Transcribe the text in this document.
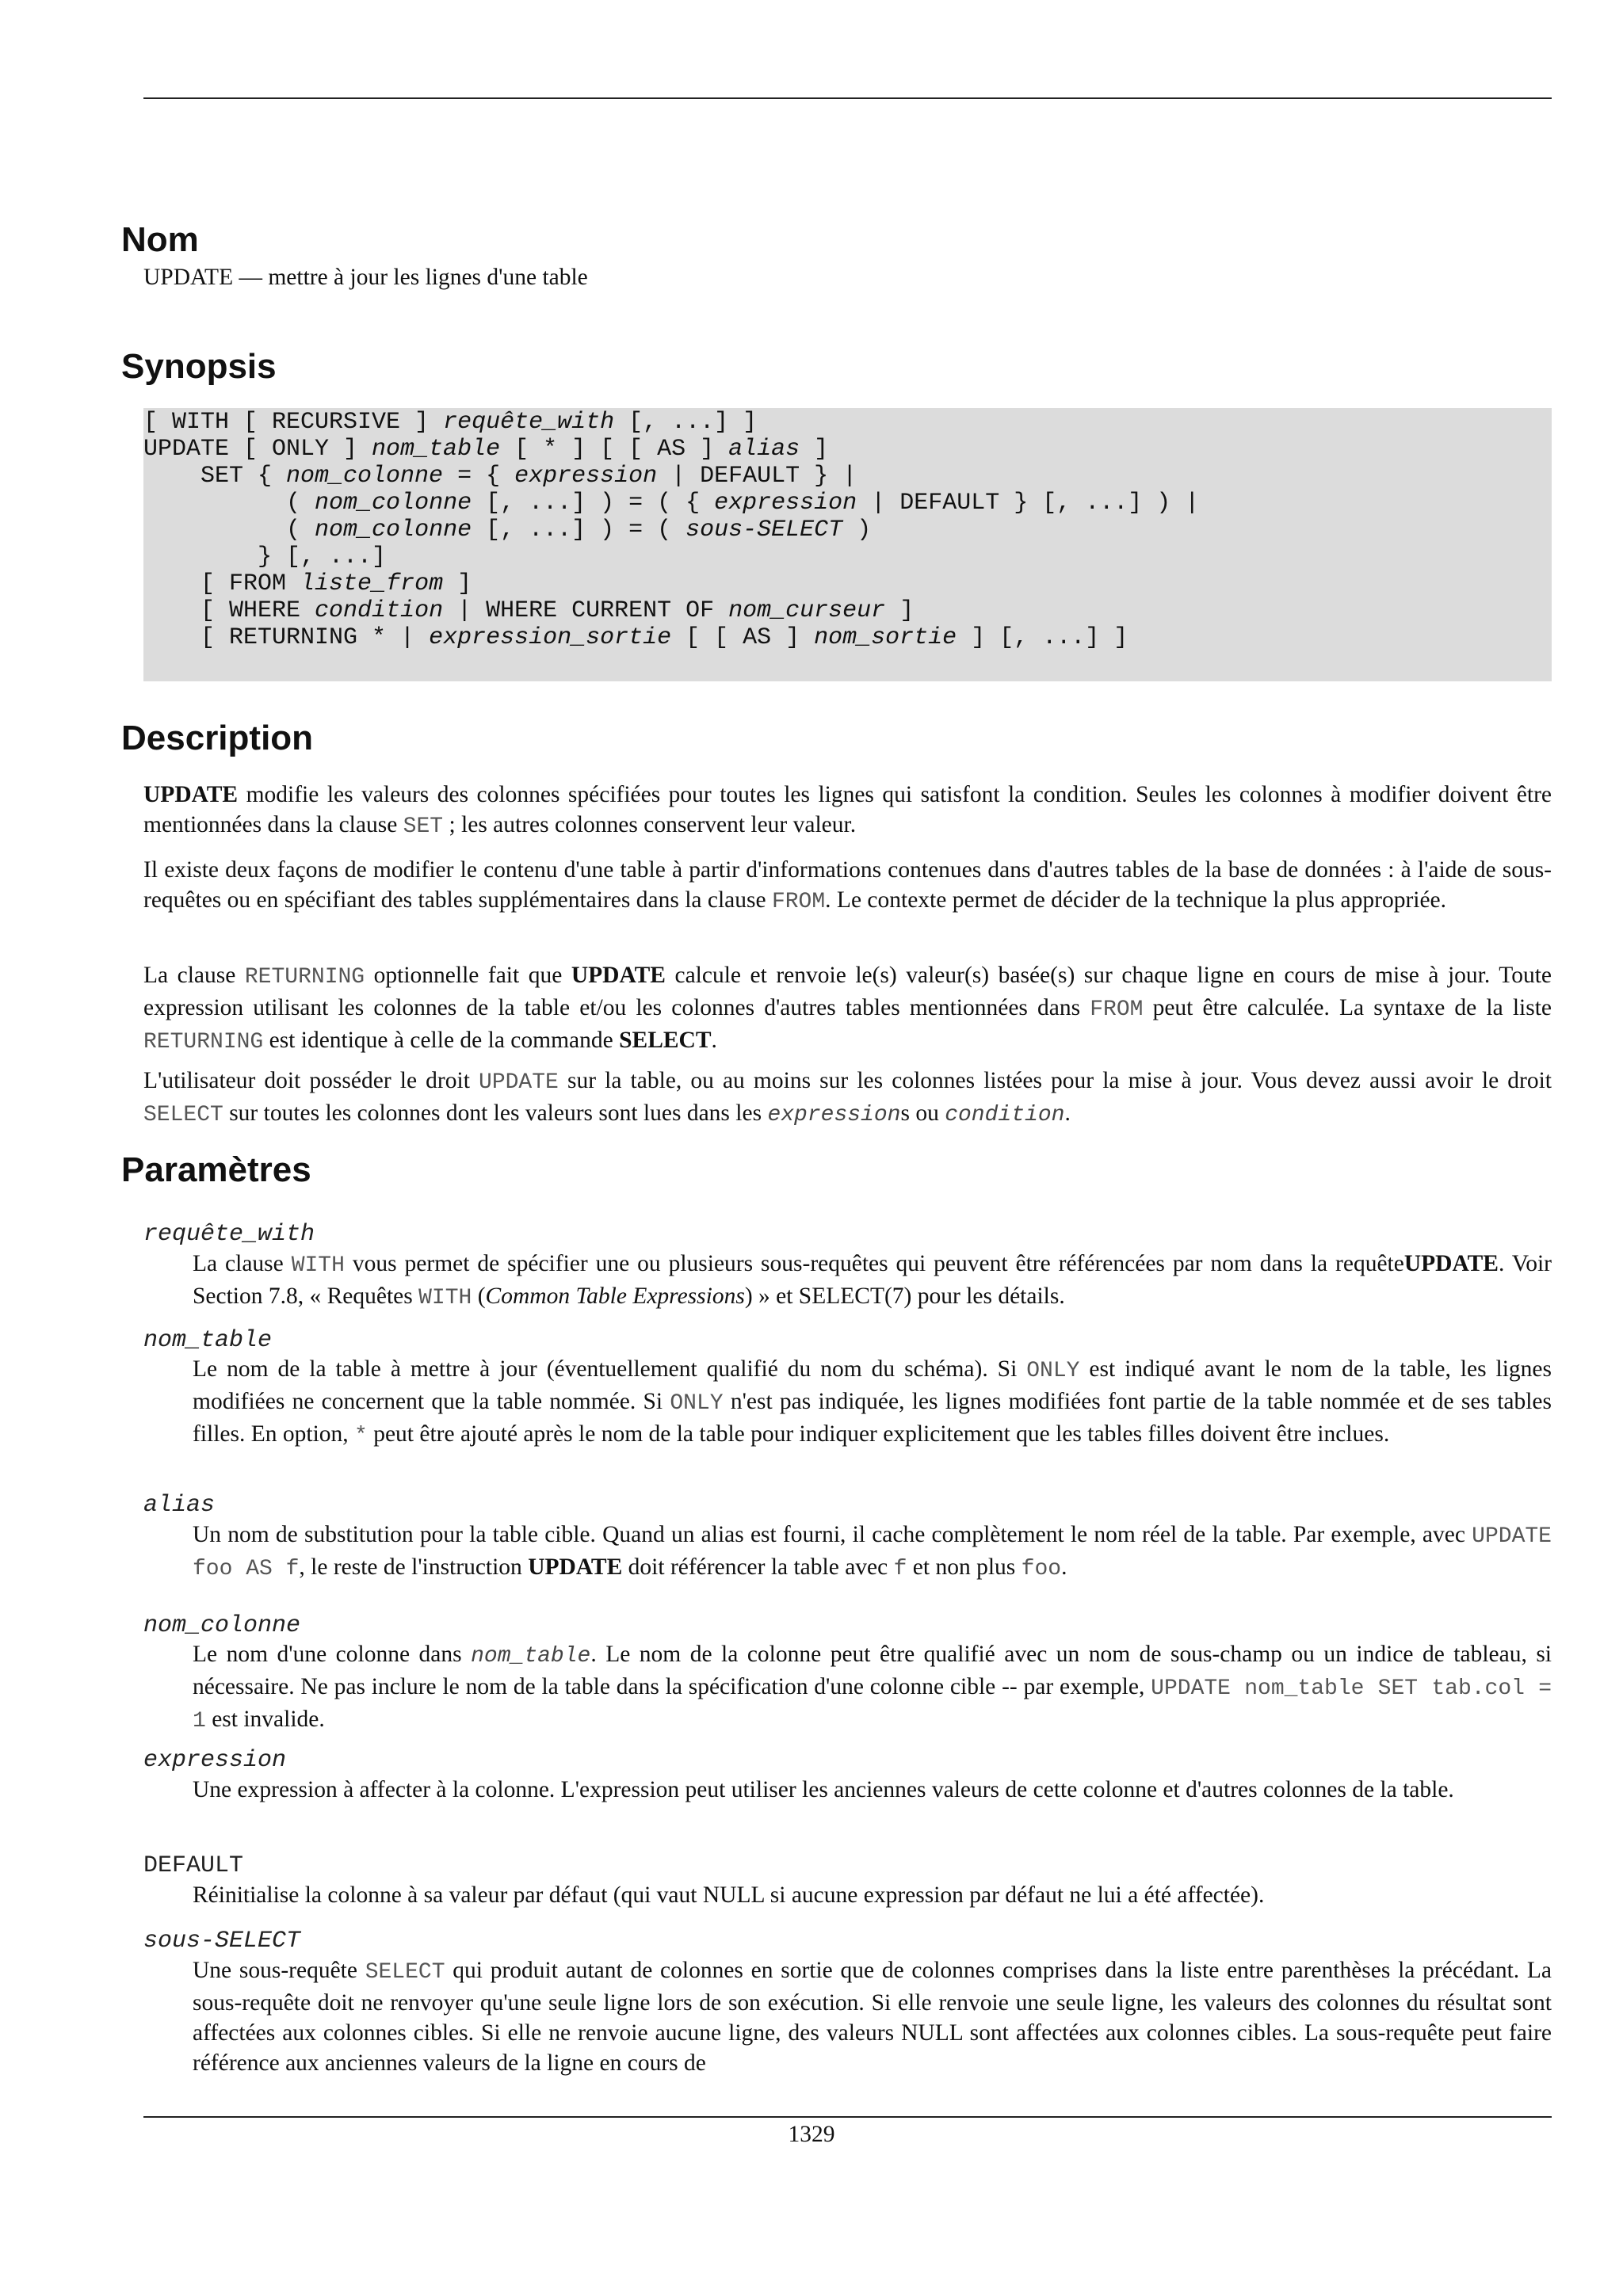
Nom

UPDATE — mettre à jour les lignes d'une table

Synopsis
[ WITH [ RECURSIVE ] requête_with [, ...] ]
UPDATE [ ONLY ] nom_table [ * ] [ [ AS ] alias ]
SET { nom_colonne = { expression | DEFAULT } |
( nom_colonne [, ...] ) = ( { expression | DEFAULT } [, ...] ) |
( nom_colonne [, ...] ) = ( sous-SELECT )
} [, ...]
[ FROM liste_from ]
[ WHERE condition | WHERE CURRENT OF nom_curseur ]
[ RETURNING * | expression_sortie [ [ AS ] nom_sortie ] [, ...] ]
Description

UPDATE modifie les valeurs des colonnes spécifiées pour toutes les lignes qui satisfont la condition. Seules les colonnes à modifier doivent être mentionnées dans la clause SET ; les autres colonnes conservent leur valeur.

Il existe deux façons de modifier le contenu d'une table à partir d'informations contenues dans d'autres tables de la base de données : à l'aide de sous-requêtes ou en spécifiant des tables supplémentaires dans la clause FROM. Le contexte permet de décider de la technique la plus appropriée.

La clause RETURNING optionnelle fait que UPDATE calcule et renvoie le(s) valeur(s) basée(s) sur chaque ligne en cours de mise à jour. Toute expression utilisant les colonnes de la table et/ou les colonnes d'autres tables mentionnées dans FROM peut être calculée. La syntaxe de la liste RETURNING est identique à celle de la commande SELECT.

L'utilisateur doit posséder le droit UPDATE sur la table, ou au moins sur les colonnes listées pour la mise à jour. Vous devez aussi avoir le droit SELECT sur toutes les colonnes dont les valeurs sont lues dans les expressions ou condition.

Paramètres

requête_with

La clause WITH vous permet de spécifier une ou plusieurs sous-requêtes qui peuvent être référencées par nom dans la requêteUPDATE. Voir Section 7.8, « Requêtes WITH (Common Table Expressions) » et SELECT(7) pour les détails.

nom_table

Le nom de la table à mettre à jour (éventuellement qualifié du nom du schéma). Si ONLY est indiqué avant le nom de la table, les lignes modifiées ne concernent que la table nommée. Si ONLY n'est pas indiquée, les lignes modifiées font partie de la table nommée et de ses tables filles. En option, * peut être ajouté après le nom de la table pour indiquer explicitement que les tables filles doivent être inclues.

alias

Un nom de substitution pour la table cible. Quand un alias est fourni, il cache complètement le nom réel de la table. Par exemple, avec UPDATE foo AS f, le reste de l'instruction UPDATE doit référencer la table avec f et non plus foo.

nom_colonne

Le nom d'une colonne dans nom_table. Le nom de la colonne peut être qualifié avec un nom de sous-champ ou un indice de tableau, si nécessaire. Ne pas inclure le nom de la table dans la spécification d'une colonne cible -- par exemple, UPDATE nom_table SET tab.col = 1 est invalide.

expression

Une expression à affecter à la colonne. L'expression peut utiliser les anciennes valeurs de cette colonne et d'autres colonnes de la table.

DEFAULT

Réinitialise la colonne à sa valeur par défaut (qui vaut NULL si aucune expression par défaut ne lui a été affectée).

sous-SELECT

Une sous-requête SELECT qui produit autant de colonnes en sortie que de colonnes comprises dans la liste entre parenthèses la précédant. La sous-requête doit ne renvoyer qu'une seule ligne lors de son exécution. Si elle renvoie une seule ligne, les valeurs des colonnes du résultat sont affectées aux colonnes cibles. Si elle ne renvoie aucune ligne, des valeurs NULL sont affectées aux colonnes cibles. La sous-requête peut faire référence aux anciennes valeurs de la ligne en cours de

1329
